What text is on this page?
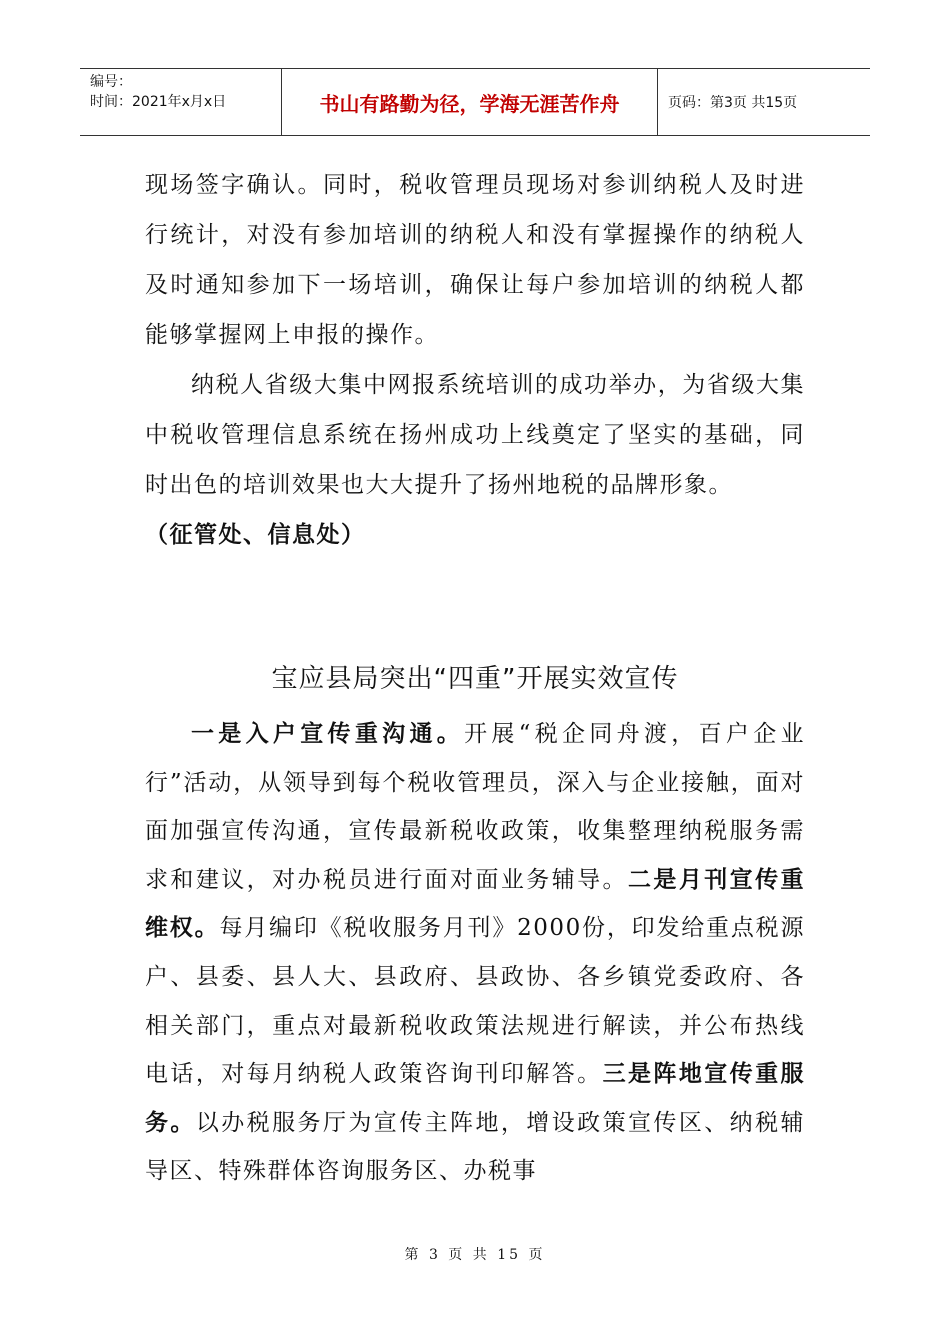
编号：
时间：2021年x月x日	书山有路勤为径，学海无涯苦作舟	页码：第3页 共15页

现场签字确认。同时，税收管理员现场对参训纳税人及时进行统计，对没有参加培训的纳税人和没有掌握操作的纳税人及时通知参加下一场培训，确保让每户参加培训的纳税人都能够掌握网上申报的操作。

纳税人省级大集中网报系统培训的成功举办，为省级大集中税收管理信息系统在扬州成功上线奠定了坚实的基础，同时出色的培训效果也大大提升了扬州地税的品牌形象。

（征管处、信息处）

宝应县局突出“四重”开展实效宣传

一是入户宣传重沟通。开展“税企同舟渡，百户企业行”活动，从领导到每个税收管理员，深入与企业接触，面对面加强宣传沟通，宣传最新税收政策，收集整理纳税服务需求和建议，对办税员进行面对面业务辅导。二是月刊宣传重维权。每月编印《税收服务月刊》2000份，印发给重点税源户、县委、县人大、县政府、县政协、各乡镇党委政府、各相关部门，重点对最新税收政策法规进行解读，并公布热线电话，对每月纳税人政策咨询刊印解答。三是阵地宣传重服务。以办税服务厅为宣传主阵地，增设政策宣传区、纳税辅导区、特殊群体咨询服务区、办税事

第 3 页 共 15 页
